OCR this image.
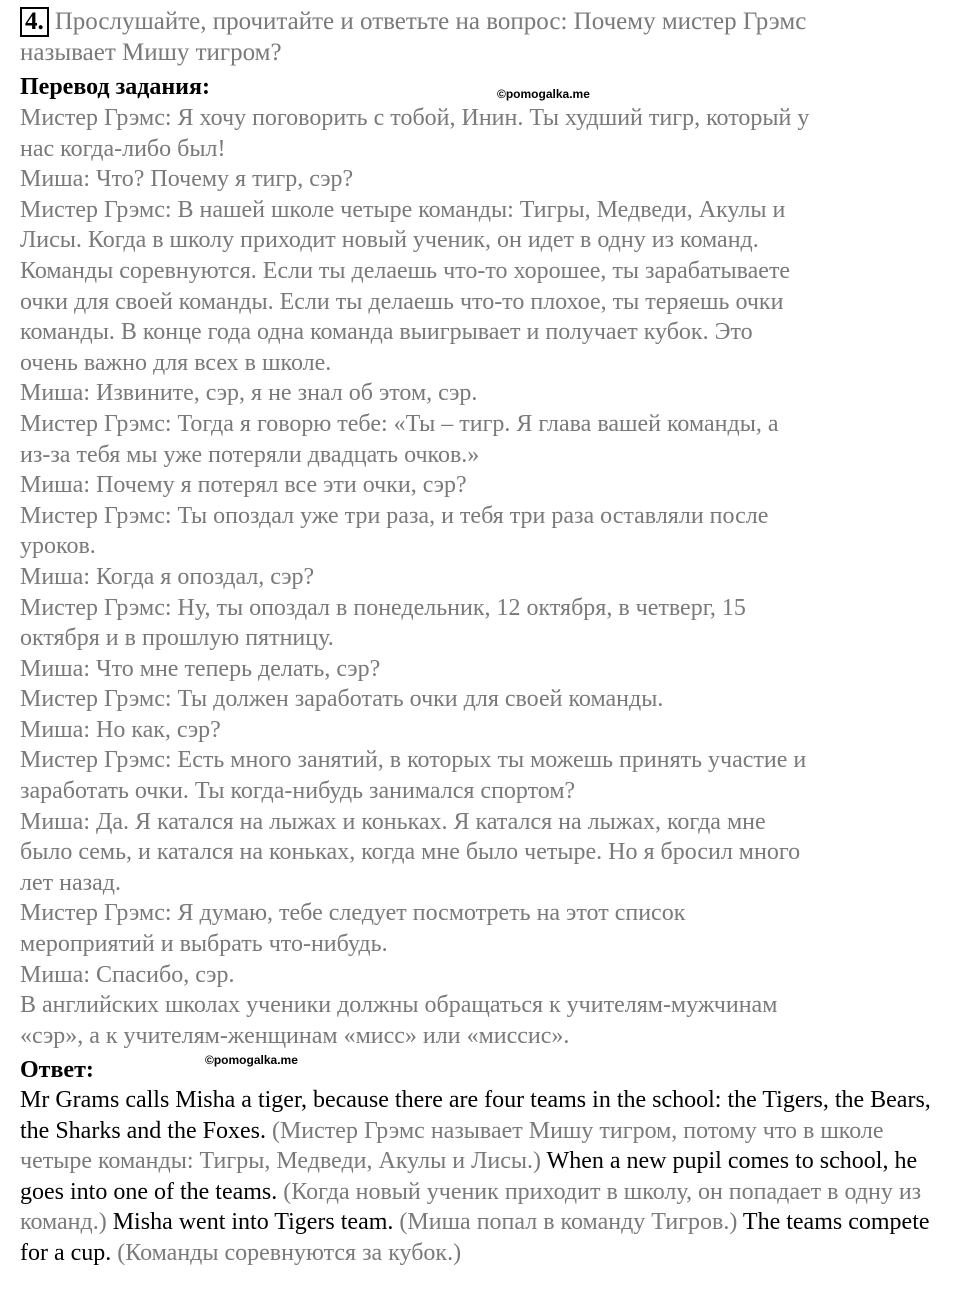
4. Прослушайте, прочитайте и ответьте на вопрос: Почему мистер Грэмс
называет Мишу тигром?
Перевод задания:	©pomogalka.me
Мистер Грэмс: Я хочу поговорить с тобой, Инин. Ты худший тигр, который у
нас когда-либо был!
Миша: Что? Почему я тигр, сэр?
Мистер Грэмс: В нашей школе четыре команды: Тигры, Медведи, Акулы и
Лисы. Когда в школу приходит новый ученик, он идет в одну из команд.
Команды соревнуются. Если ты делаешь что-то хорошее, ты зарабатываете
очки для своей команды. Если ты делаешь что-то плохое, ты теряешь очки
команды. В конце года одна команда выигрывает и получает кубок. Это
очень важно для всех в школе.
Миша: Извините, сэр, я не знал об этом, сэр.
Мистер Грэмс: Тогда я говорю тебе: «Ты – тигр. Я глава вашей команды, а
из-за тебя мы уже потеряли двадцать очков.»
Миша: Почему я потерял все эти очки, сэр?
Мистер Грэмс: Ты опоздал уже три раза, и тебя три раза оставляли после
уроков.
Миша: Когда я опоздал, сэр?
Мистер Грэмс: Ну, ты опоздал в понедельник, 12 октября, в четверг, 15
октября и в прошлую пятницу.
Миша: Что мне теперь делать, сэр?
Мистер Грэмс: Ты должен заработать очки для своей команды.
Миша: Но как, сэр?
Мистер Грэмс: Есть много занятий, в которых ты можешь принять участие и
заработать очки. Ты когда-нибудь занимался спортом?
Миша: Да. Я катался на лыжах и коньках. Я катался на лыжах, когда мне
было семь, и катался на коньках, когда мне было четыре. Но я бросил много
лет назад.
Мистер Грэмс: Я думаю, тебе следует посмотреть на этот список
мероприятий и выбрать что-нибудь.
Миша: Спасибо, сэр.
В английских школах ученики должны обращаться к учителям-мужчинам
«сэр», а к учителям-женщинам «мисс» или «миссис».
Ответ:	©pomogalka.me
Mr Grams calls Misha a tiger, because there are four teams in the school: the Tigers, the Bears, the Sharks and the Foxes. (Мистер Грэмс называет Мишу тигром, потому что в школе четыре команды: Тигры, Медведи, Акулы и Лисы.) When a new pupil comes to school, he goes into one of the teams. (Когда новый ученик приходит в школу, он попадает в одну из команд.) Misha went into Tigers team. (Миша попал в команду Тигров.) The teams compete for a cup. (Команды соревнуются за кубок.)
